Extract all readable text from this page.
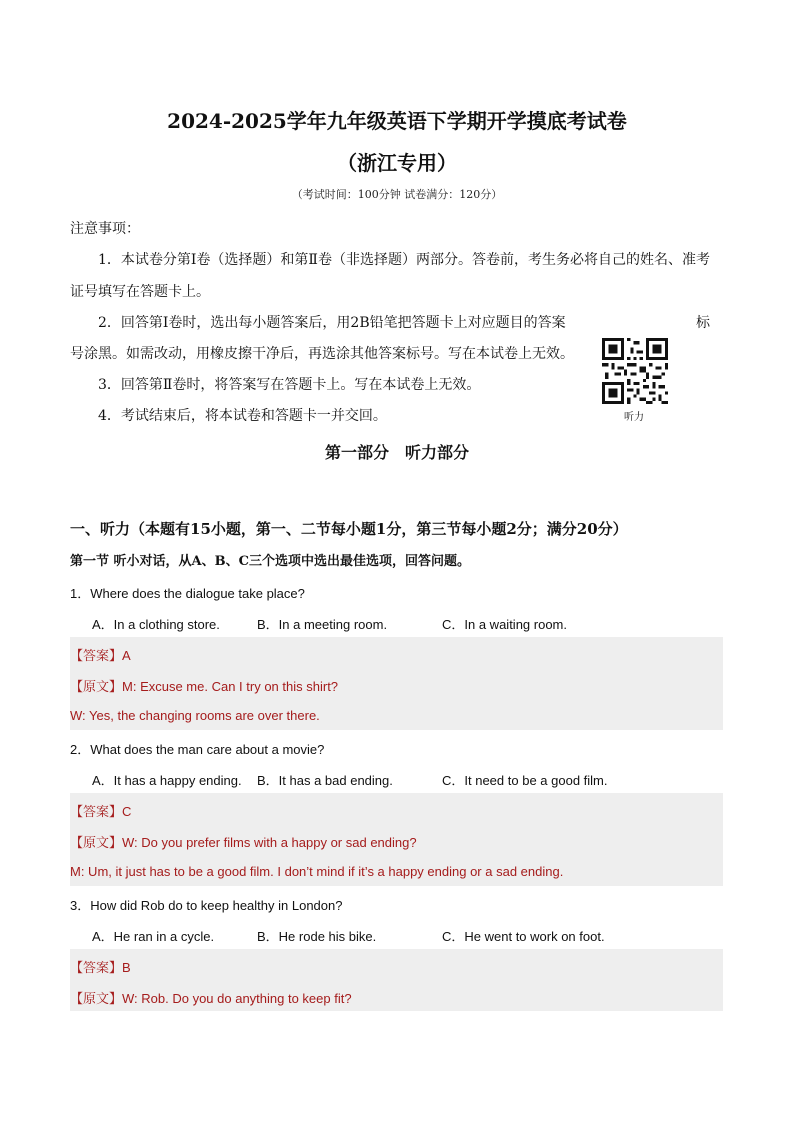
2024-2025学年九年级英语下学期开学摸底考试卷
（浙江专用）
（考试时间：100分钟 试卷满分：120分）
注意事项：
1．本试卷分第Ⅰ卷（选择题）和第Ⅱ卷（非选择题）两部分。答卷前，考生务必将自己的姓名、准考
证号填写在答题卡上。
2．回答第Ⅰ卷时，选出每小题答案后，用2B铅笔把答题卡上对应题目的答案	标
号涂黑。如需改动，用橡皮擦干净后，再选涂其他答案标号。写在本试卷上无效。
3．回答第Ⅱ卷时，将答案写在答题卡上。写在本试卷上无效。
4．考试结束后，将本试卷和答题卡一并交回。	听力
第一部分　听力部分
一、听力（本题有15小题，第一、二节每小题1分，第三节每小题2分；满分20分）
第一节 听小对话，从A、B、C三个选项中选出最佳选项，回答问题。
1．Where does the dialogue take place?
A．In a clothing store.	B．In a meeting room.	C．In a waiting room.
【答案】A
【原文】M: Excuse me. Can I try on this shirt?
W: Yes, the changing rooms are over there.
2．What does the man care about a movie?
A．It has a happy ending. B．It has a bad ending.	C．It need to be a good film.
【答案】C
【原文】W: Do you prefer films with a happy or sad ending?
M: Um, it just has to be a good film. I don’t mind if it’s a happy ending or a sad ending.
3．How did Rob do to keep healthy in London?
A．He ran in a cycle.	B．He rode his bike.	C．He went to work on foot.
【答案】B
【原文】W: Rob. Do you do anything to keep fit?
